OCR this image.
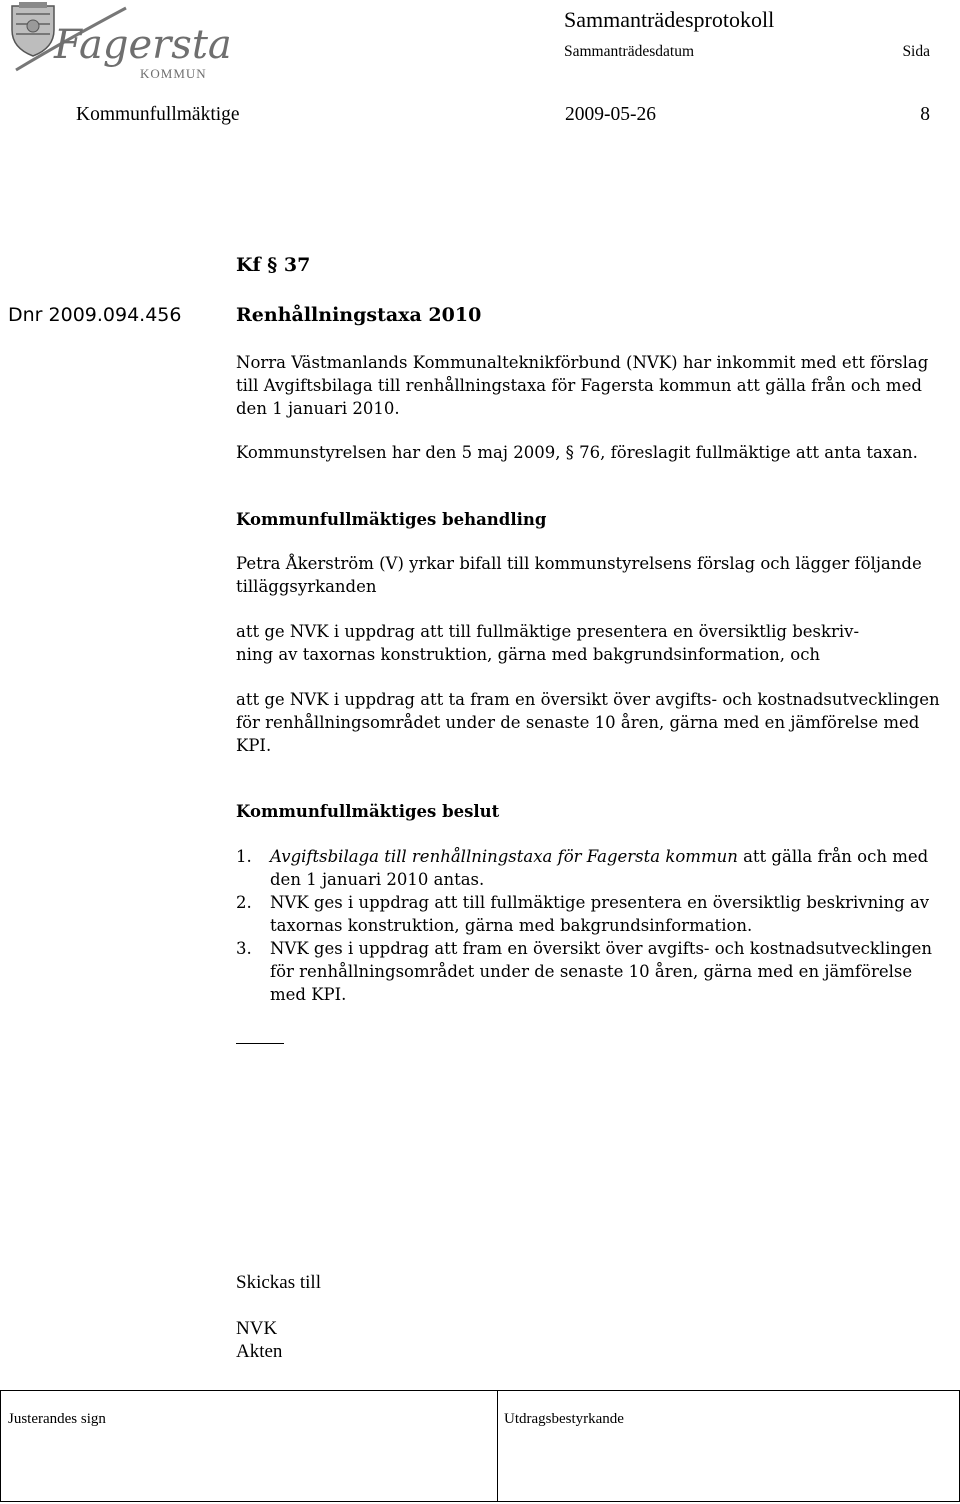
Fagersta
KOMMUN
Sammanträdesprotokoll
Sammanträdesdatum	Sida
Kommunfullmäktige	2009-05-26	8
Kf § 37
Dnr 2009.094.456	Renhållningstaxa 2010

Norra Västmanlands Kommunalteknikförbund (NVK) har inkommit med ett förslag till Avgiftsbilaga till renhållningstaxa för Fagersta kommun att gälla från och med den 1 januari 2010.

Kommunstyrelsen har den 5 maj 2009, § 76, föreslagit fullmäktige att anta taxan.

Kommunfullmäktiges behandling

Petra Åkerström (V) yrkar bifall till kommunstyrelsens förslag och lägger följande tilläggsyrkanden

att ge NVK i uppdrag att till fullmäktige presentera en översiktlig beskriv-
ning av taxornas konstruktion, gärna med bakgrundsinformation, och

att ge NVK i uppdrag att ta fram en översikt över avgifts- och kostnadsutvecklingen för renhållningsområdet under de senaste 10 åren, gärna med en jämförelse med KPI.

Kommunfullmäktiges beslut
1. Avgiftsbilaga till renhållningstaxa för Fagersta kommun att gälla från och med den 1 januari 2010 antas.
2. NVK ges i uppdrag att till fullmäktige presentera en översiktlig beskrivning av taxornas konstruktion, gärna med bakgrundsinformation.
3. NVK ges i uppdrag att fram en översikt över avgifts- och kostnadsutvecklingen för renhållningsområdet under de senaste 10 åren, gärna med en jämförelse med KPI.
Skickas till
NVK
Akten
Justerandes sign	Utdragsbestyrkande
